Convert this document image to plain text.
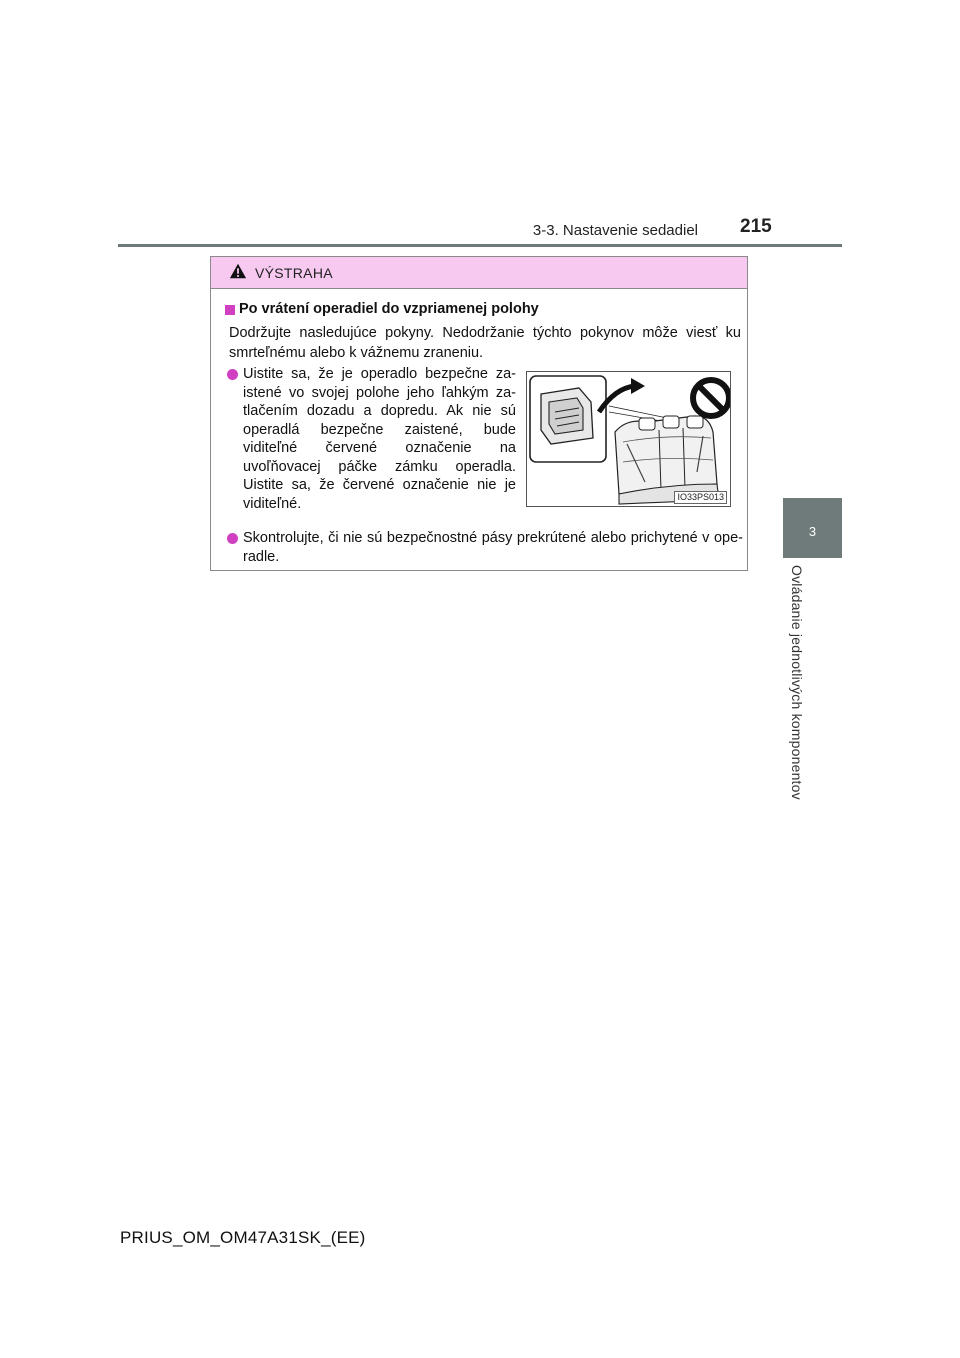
3-3. Nastavenie sedadiel 215
3
Ovládanie jednotlivých komponentov
VÝSTRAHA
Po vrátení operadiel do vzpriamenej polohy

Dodržujte nasledujúce pokyny. Nedodržanie týchto pokynov môže viesť ku smrteľnému alebo k vážnemu zraneniu.

Uistite sa, že je operadlo bezpečne za-istené vo svojej polohe jeho ľahkým za-tlačením dozadu a dopredu. Ak nie sú operadlá bezpečne zaistené, bude viditeľné červené označenie na uvoľňovacej páčke zámku operadla. Uistite sa, že červené označenie nie je viditeľné.	IO33PS013

Skontrolujte, či nie sú bezpečnostné pásy prekrútené alebo prichytené v ope-radle.

PRIUS_OM_OM47A31SK_(EE)
